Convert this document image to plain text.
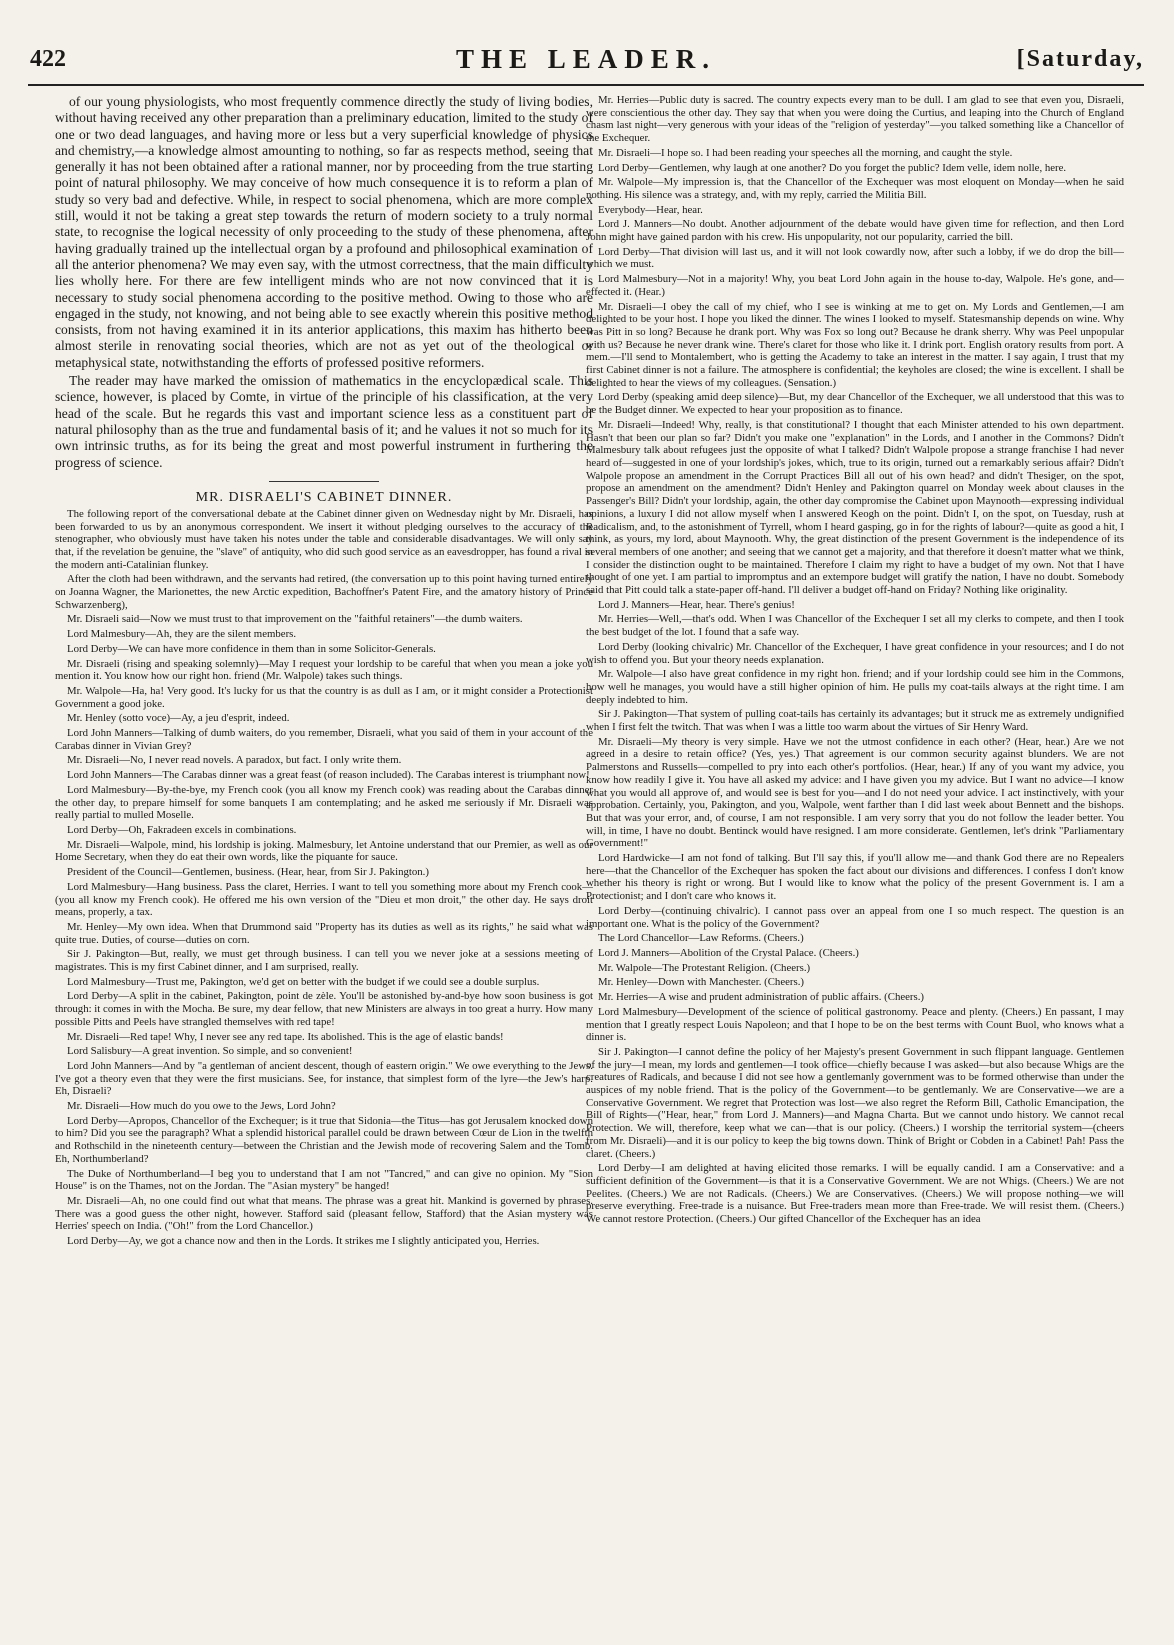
422	THE LEADER.	[Saturday,

of our young physiologists, who most frequently commence directly the study of living bodies, without having received any other preparation than a preliminary education, limited to the study of one or two dead languages, and having more or less but a very superficial knowledge of physics and chemistry,—a knowledge almost amounting to nothing, so far as respects method, seeing that generally it has not been obtained after a rational manner, nor by proceeding from the true starting point of natural philosophy. We may conceive of how much consequence it is to reform a plan of study so very bad and defective. While, in respect to social phenomena, which are more complex still, would it not be taking a great step towards the return of modern society to a truly normal state, to recognise the logical necessity of only proceeding to the study of these phenomena, after having gradually trained up the intellectual organ by a profound and philosophical examination of all the anterior phenomena? We may even say, with the utmost correctness, that the main difficulty lies wholly here. For there are few intelligent minds who are not now convinced that it is necessary to study social phenomena according to the positive method. Owing to those who are engaged in the study, not knowing, and not being able to see exactly wherein this positive method consists, from not having examined it in its anterior applications, this maxim has hitherto been almost sterile in renovating social theories, which are not as yet out of the theological or metaphysical state, notwithstanding the efforts of professed positive reformers.

The reader may have marked the omission of mathematics in the encyclopædical scale. This science, however, is placed by Comte, in virtue of the principle of his classification, at the very head of the scale. But he regards this vast and important science less as a constituent part of natural philosophy than as the true and fundamental basis of it; and he values it not so much for its own intrinsic truths, as for its being the great and most powerful instrument in furthering the progress of science.

MR. DISRAELI'S CABINET DINNER.

The following report of the conversational debate at the Cabinet dinner given on Wednesday night by Mr. Disraeli, has been forwarded to us by an anonymous correspondent. We insert it without pledging ourselves to the accuracy of the stenographer, who obviously must have taken his notes under the table and considerable disadvantages. We will only say that, if the revelation be genuine, the "slave" of antiquity, who did such good service as an eavesdropper, has found a rival in the modern anti-Catalinian flunkey.

After the cloth had been withdrawn, and the servants had retired, (the conversation up to this point having turned entirely on Joanna Wagner, the Marionettes, the new Arctic expedition, Bachoffner's Patent Fire, and the amatory history of Prince Schwarzenberg),

Mr. Disraeli said—Now we must trust to that improvement on the "faithful retainers"—the dumb waiters.

Lord Malmesbury—Ah, they are the silent members.

Lord Derby—We can have more confidence in them than in some Solicitor-Generals.

Mr. Disraeli (rising and speaking solemnly)—May I request your lordship to be careful that when you mean a joke you mention it. You know how our right hon. friend (Mr. Walpole) takes such things.

Mr. Walpole—Ha, ha! Very good. It's lucky for us that the country is as dull as I am, or it might consider a Protectionist Government a good joke.

Mr. Henley (sotto voce)—Ay, a jeu d'esprit, indeed.

Lord John Manners—Talking of dumb waiters, do you remember, Disraeli, what you said of them in your account of the Carabas dinner in Vivian Grey?

Mr. Disraeli—No, I never read novels. A paradox, but fact. I only write them.

Lord John Manners—The Carabas dinner was a great feast (of reason included). The Carabas interest is triumphant now!

Lord Malmesbury—By-the-bye, my French cook (you all know my French cook) was reading about the Carabas dinner the other day, to prepare himself for some banquets I am contemplating; and he asked me seriously if Mr. Disraeli was really partial to mulled Moselle.

Lord Derby—Oh, Fakradeen excels in combinations.

Mr. Disraeli—Walpole, mind, his lordship is joking. Malmesbury, let Antoine understand that our Premier, as well as our Home Secretary, when they do eat their own words, like the piquante for sauce.

President of the Council—Gentlemen, business. (Hear, hear, from Sir J. Pakington.)

Lord Malmesbury—Hang business. Pass the claret, Herries. I want to tell you something more about my French cook—(you all know my French cook). He offered me his own version of the "Dieu et mon droit," the other day. He says droit means, properly, a tax.

Mr. Henley—My own idea. When that Drummond said "Property has its duties as well as its rights," he said what was quite true. Duties, of course—duties on corn.

Sir J. Pakington—But, really, we must get through business. I can tell you we never joke at a sessions meeting of magistrates. This is my first Cabinet dinner, and I am surprised, really.

Lord Malmesbury—Trust me, Pakington, we'd get on better with the budget if we could see a double surplus.

Lord Derby—A split in the cabinet, Pakington, point de zèle. You'll be astonished by-and-bye how soon business is got through: it comes in with the Mocha. Be sure, my dear fellow, that new Ministers are always in too great a hurry. How many possible Pitts and Peels have strangled themselves with red tape!

Mr. Disraeli—Red tape! Why, I never see any red tape. Its abolished. This is the age of elastic bands!

Lord Salisbury—A great invention. So simple, and so convenient!

Lord John Manners—And by "a gentleman of ancient descent, though of eastern origin." We owe everything to the Jews. I've got a theory even that they were the first musicians. See, for instance, that simplest form of the lyre—the Jew's harp. Eh, Disraeli?

Mr. Disraeli—How much do you owe to the Jews, Lord John?

Lord Derby—Apropos, Chancellor of the Exchequer; is it true that Sidonia—the Titus—has got Jerusalem knocked down to him? Did you see the paragraph? What a splendid historical parallel could be drawn between Cœur de Lion in the twelfth and Rothschild in the nineteenth century—between the Christian and the Jewish mode of recovering Salem and the Tomb. Eh, Northumberland?

The Duke of Northumberland—I beg you to understand that I am not "Tancred," and can give no opinion. My "Sion House" is on the Thames, not on the Jordan. The "Asian mystery" be hanged!

Mr. Disraeli—Ah, no one could find out what that means. The phrase was a great hit. Mankind is governed by phrases. There was a good guess the other night, however. Stafford said (pleasant fellow, Stafford) that the Asian mystery was Herries' speech on India. ("Oh!" from the Lord Chancellor.)

Lord Derby—Ay, we got a chance now and then in the Lords. It strikes me I slightly anticipated you, Herries.

Mr. Herries—Public duty is sacred. The country expects every man to be dull. I am glad to see that even you, Disraeli, were conscientious the other day. They say that when you were doing the Curtius, and leaping into the Church of England chasm last night—very generous with your ideas of the "religion of yesterday"—you talked something like a Chancellor of the Exchequer.

Mr. Disraeli—I hope so. I had been reading your speeches all the morning, and caught the style.

Lord Derby—Gentlemen, why laugh at one another? Do you forget the public? Idem velle, idem nolle, here.

Mr. Walpole—My impression is, that the Chancellor of the Exchequer was most eloquent on Monday—when he said nothing. His silence was a strategy, and, with my reply, carried the Militia Bill.

Everybody—Hear, hear.

Lord J. Manners—No doubt. Another adjournment of the debate would have given time for reflection, and then Lord John might have gained pardon with his crew. His unpopularity, not our popularity, carried the bill.

Lord Derby—That division will last us, and it will not look cowardly now, after such a lobby, if we do drop the bill—which we must.

Lord Malmesbury—Not in a majority! Why, you beat Lord John again in the house to-day, Walpole. He's gone, and—effected it. (Hear.)

Mr. Disraeli—I obey the call of my chief, who I see is winking at me to get on. My Lords and Gentlemen,—I am delighted to be your host. I hope you liked the dinner. The wines I looked to myself. Statesmanship depends on wine. Why was Pitt in so long? Because he drank port. Why was Fox so long out? Because he drank sherry. Why was Peel unpopular with us? Because he never drank wine. There's claret for those who like it. I drink port. English oratory results from port. A mem.—I'll send to Montalembert, who is getting the Academy to take an interest in the matter. I say again, I trust that my first Cabinet dinner is not a failure. The atmosphere is confidential; the keyholes are closed; the wine is excellent. I shall be delighted to hear the views of my colleagues. (Sensation.)

Lord Derby (speaking amid deep silence)—But, my dear Chancellor of the Exchequer, we all understood that this was to be the Budget dinner. We expected to hear your proposition as to finance.

Mr. Disraeli—Indeed! Why, really, is that constitutional? I thought that each Minister attended to his own department. Hasn't that been our plan so far? Didn't you make one "explanation" in the Lords, and I another in the Commons? Didn't Malmesbury talk about refugees just the opposite of what I talked? Didn't Walpole propose a strange franchise I had never heard of—suggested in one of your lordship's jokes, which, true to its origin, turned out a remarkably serious affair? Didn't Walpole propose an amendment in the Corrupt Practices Bill all out of his own head? and didn't Thesiger, on the spot, propose an amendment on the amendment? Didn't Henley and Pakington quarrel on Monday week about clauses in the Passenger's Bill? Didn't your lordship, again, the other day compromise the Cabinet upon Maynooth—expressing individual opinions, a luxury I did not allow myself when I answered Keogh on the point. Didn't I, on the spot, on Tuesday, rush at Radicalism, and, to the astonishment of Tyrrell, whom I heard gasping, go in for the rights of labour?—quite as good a hit, I think, as yours, my lord, about Maynooth. Why, the great distinction of the present Government is the independence of its several members of one another; and seeing that we cannot get a majority, and that therefore it doesn't matter what we think, I consider the distinction ought to be maintained. Therefore I claim my right to have a budget of my own. Not that I have thought of one yet. I am partial to impromptus and an extempore budget will gratify the nation, I have no doubt. Somebody said that Pitt could talk a state-paper off-hand. I'll deliver a budget off-hand on Friday? Nothing like originality.

Lord J. Manners—Hear, hear. There's genius!

Mr. Herries—Well,—that's odd. When I was Chancellor of the Exchequer I set all my clerks to compete, and then I took the best budget of the lot. I found that a safe way.

Lord Derby (looking chivalric) Mr. Chancellor of the Exchequer, I have great confidence in your resources; and I do not wish to offend you. But your theory needs explanation.

Mr. Walpole—I also have great confidence in my right hon. friend; and if your lordship could see him in the Commons, how well he manages, you would have a still higher opinion of him. He pulls my coat-tails always at the right time. I am deeply indebted to him.

Sir J. Pakington—That system of pulling coat-tails has certainly its advantages; but it struck me as extremely undignified when I first felt the twitch. That was when I was a little too warm about the virtues of Sir Henry Ward.

Mr. Disraeli—My theory is very simple. Have we not the utmost confidence in each other? (Hear, hear.) Are we not agreed in a desire to retain office? (Yes, yes.) That agreement is our common security against blunders. We are not Palmerstons and Russells—compelled to pry into each other's portfolios. (Hear, hear.) If any of you want my advice, you know how readily I give it. You have all asked my advice: and I have given you my advice. But I want no advice—I know what you would all approve of, and would see is best for you—and I do not need your advice. I act instinctively, with your approbation. Certainly, you, Pakington, and you, Walpole, went farther than I did last week about Bennett and the bishops. But that was your error, and, of course, I am not responsible. I am very sorry that you do not follow the leader better. You will, in time, I have no doubt. Bentinck would have resigned. I am more considerate. Gentlemen, let's drink "Parliamentary Government!"

Lord Hardwicke—I am not fond of talking. But I'll say this, if you'll allow me—and thank God there are no Repealers here—that the Chancellor of the Exchequer has spoken the fact about our divisions and differences. I confess I don't know whether his theory is right or wrong. But I would like to know what the policy of the present Government is. I am a Protectionist; and I don't care who knows it.

Lord Derby—(continuing chivalric). I cannot pass over an appeal from one I so much respect. The question is an important one. What is the policy of the Government?

The Lord Chancellor—Law Reforms. (Cheers.)

Lord J. Manners—Abolition of the Crystal Palace. (Cheers.)

Mr. Walpole—The Protestant Religion. (Cheers.)

Mr. Henley—Down with Manchester. (Cheers.)

Mr. Herries—A wise and prudent administration of public affairs. (Cheers.)

Lord Malmesbury—Development of the science of political gastronomy. Peace and plenty. (Cheers.) En passant, I may mention that I greatly respect Louis Napoleon; and that I hope to be on the best terms with Count Buol, who knows what a dinner is.

Sir J. Pakington—I cannot define the policy of her Majesty's present Government in such flippant language. Gentlemen of the jury—I mean, my lords and gentlemen—I took office—chiefly because I was asked—but also because Whigs are the creatures of Radicals, and because I did not see how a gentlemanly government was to be formed otherwise than under the auspices of my noble friend. That is the policy of the Government—to be gentlemanly. We are Conservative—we are a Conservative Government. We regret that Protection was lost—we also regret the Reform Bill, Catholic Emancipation, the Bill of Rights—("Hear, hear," from Lord J. Manners)—and Magna Charta. But we cannot undo history. We cannot recal Protection. We will, therefore, keep what we can—that is our policy. (Cheers.) I worship the territorial system—(cheers from Mr. Disraeli)—and it is our policy to keep the big towns down. Think of Bright or Cobden in a Cabinet! Pah! Pass the claret. (Cheers.)

Lord Derby—I am delighted at having elicited those remarks. I will be equally candid. I am a Conservative: and a sufficient definition of the Government—is that it is a Conservative Government. We are not Whigs. (Cheers.) We are not Peelites. (Cheers.) We are not Radicals. (Cheers.) We are Conservatives. (Cheers.) We will propose nothing—we will preserve everything. Free-trade is a nuisance. But Free-traders mean more than Free-trade. We will resist them. (Cheers.) We cannot restore Protection. (Cheers.) Our gifted Chancellor of the Exchequer has an idea
